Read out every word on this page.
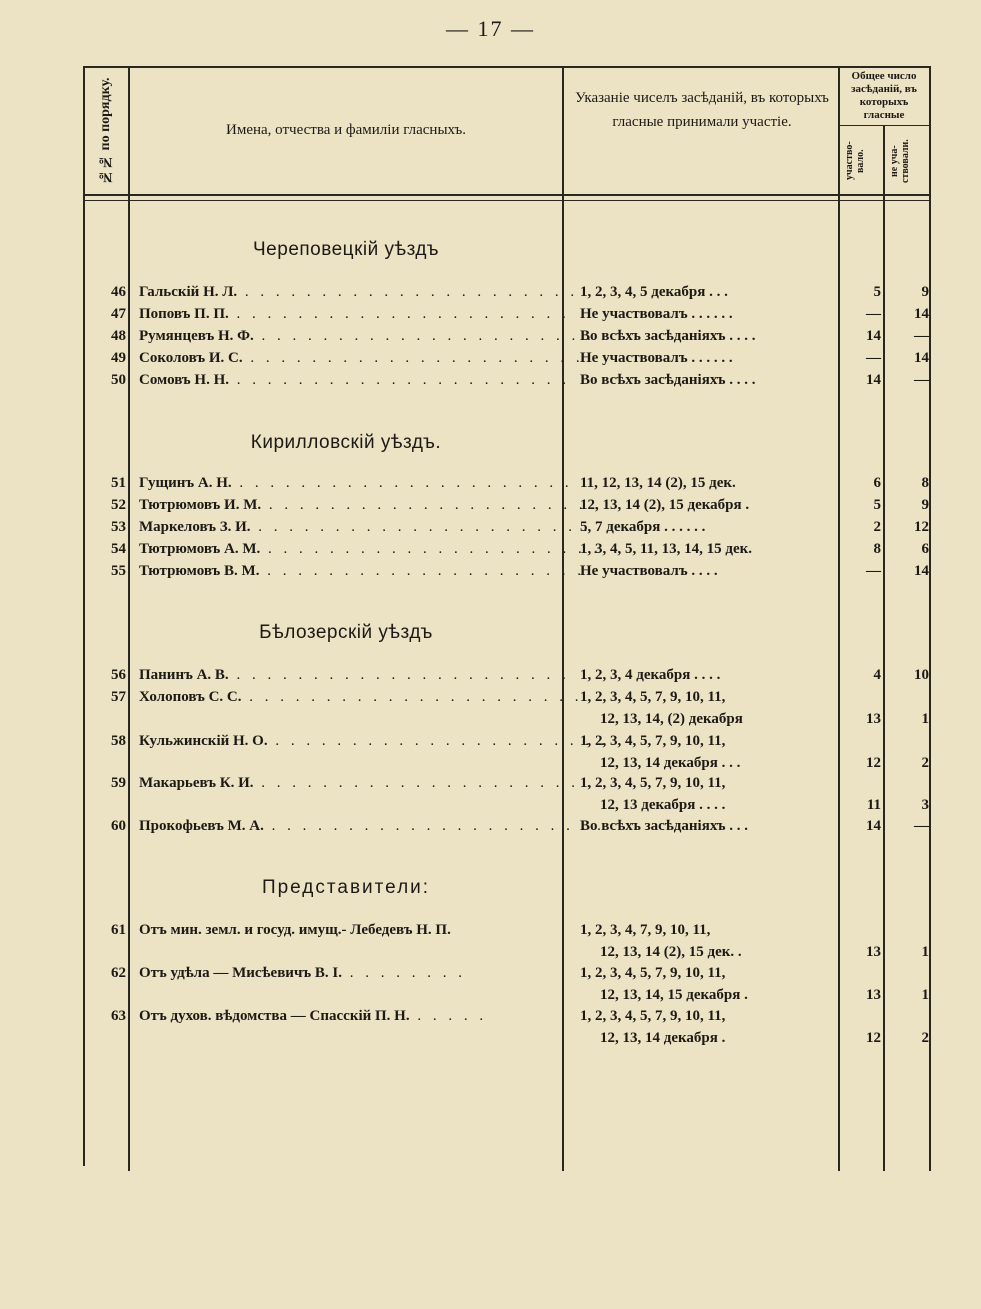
— 17 —
№№ по порядку.	Имена, отчества и фамиліи гласныхъ.
Указаніе чиселъ засѣданій, въ которыхъ гласные принимали участіе.
Общее число засѣданій, въ которыхъ гласные
участво-вало.	не уча-ствовали.
Череповецкій уѣздъ
46 Гальскій Н. Л. . . . . . . . . . . . . . . . . . . . . . . 1, 2, 3, 4, 5 декабря . . .	5	9
47 Поповъ П. П. . . . . . . . . . . . . . . . . . . . . . . Не участвовалъ . . . . . .	—	14
48 Румянцевъ Н. Ф. . . . . . . . . . . . . . . . . . . . . . .
Во всѣхъ засѣданіяхъ . . . .	14	—
49 Соколовъ И. С. . . . . . . . . . . . . . . . . . . . . . .
Не участвовалъ . . . . . .	—	14
50 Сомовъ Н. Н. . . . . . . . . . . . . . . . . . . . . . . Во всѣхъ засѣданіяхъ . . . .	14	—
Кирилловскій уѣздъ.
51 Гущинъ А. Н. . . . . . . . . . . . . . . . . . . . . . . 11, 12, 13, 14 (2), 15 дек.	6	8
52 Тютрюмовъ И. М. . . . . . . . . . . . . . . . . . . . . . .
12, 13, 14 (2), 15 декабря .	5	9
53 Маркеловъ З. И. . . . . . . . . . . . . . . . . . . . . . .
5, 7 декабря . . . . . .	2	12
54 Тютрюмовъ А. М. . . . . . . . . . . . . . . . . . . . . . .
1, 3, 4, 5, 11, 13, 14, 15 дек.	8	6
55 Тютрюмовъ В. М. . . . . . . . . . . . . . . . . . . . . . .
Не участвовалъ . . . .	—	14
Бѣлозерскій уѣздъ
56 Панинъ А. В. . . . . . . . . . . . . . . . . . . . . . . 1, 2, 3, 4 декабря . . . .	4	10
57 Холоповъ С. С. . . . . . . . . . . . . . . . . . . . . . .
1, 2, 3, 4, 5, 7, 9, 10, 11,
12, 13, 14, (2) декабря	13	1
58 Кульжинскій Н. О. . . . . . . . . . . . . . . . . . . . . . .
1, 2, 3, 4, 5, 7, 9, 10, 11,
12, 13, 14 декабря . . .	12	2
59 Макарьевъ К. И. . . . . . . . . . . . . . . . . . . . . . .
1, 2, 3, 4, 5, 7, 9, 10, 11,
12, 13 декабря . . . .	11	3
60 Прокофьевъ М. А. . . . . . . . . . . . . . . . . . . . . . .
Во всѣхъ засѣданіяхъ . . .	14	—
Представители:
61 Отъ мин. земл. и госуд. имущ.- Лебедевъ Н. П.	1, 2, 3, 4, 7, 9, 10, 11,
12, 13, 14 (2), 15 дек. .	13	1
62 Отъ удѣла — Мисѣевичъ В. І. . . . . . . . .	1, 2, 3, 4, 5, 7, 9, 10, 11,
12, 13, 14, 15 декабря .	13	1
63 Отъ духов. вѣдомства — Спасскій П. Н. . . . . .	1, 2, 3, 4, 5, 7, 9, 10, 11,
12, 13, 14 декабря .	12	2
